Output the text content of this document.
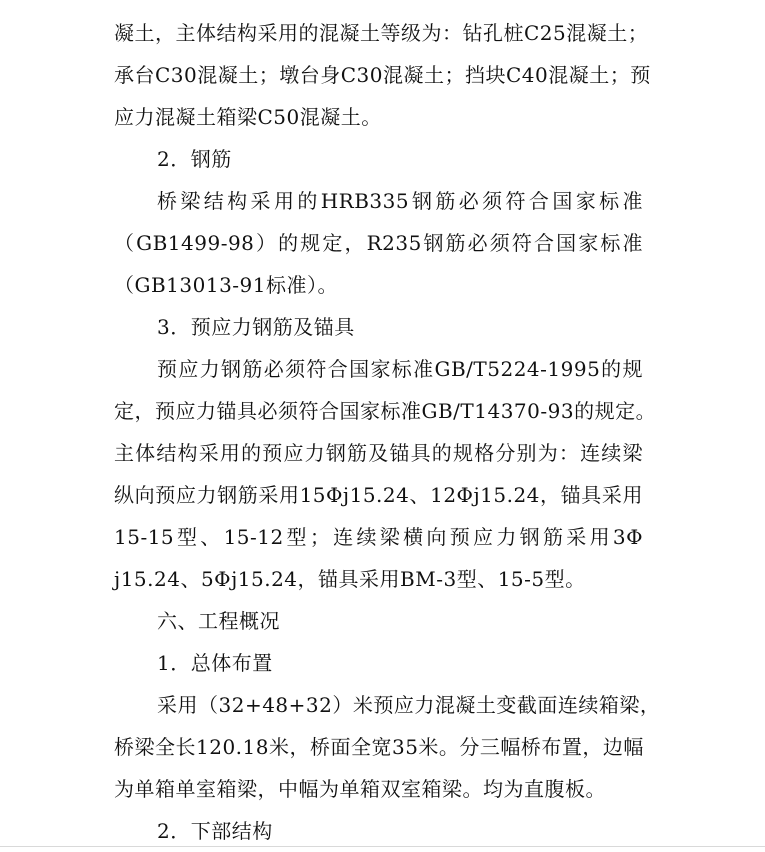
凝土，主体结构采用的混凝土等级为：钻孔桩C25混凝土；
承台C30混凝土；墩台身C30混凝土；挡块C40混凝土；预
应力混凝土箱梁C50混凝土。
2．钢筋
桥梁结构采用的HRB335钢筋必须符合国家标准
（GB1499-98）的规定，R235钢筋必须符合国家标准
（GB13013-91标准）。
3．预应力钢筋及锚具
预应力钢筋必须符合国家标准GB/T5224-1995的规
定，预应力锚具必须符合国家标准GB/T14370-93的规定。
主体结构采用的预应力钢筋及锚具的规格分别为：连续梁
纵向预应力钢筋采用15Φj15.24、12Φj15.24，锚具采用
15-15型、15-12型；连续梁横向预应力钢筋采用3Φ
j15.24、5Φj15.24，锚具采用BM-3型、15-5型。
六、工程概况
1．总体布置
采用（32+48+32）米预应力混凝土变截面连续箱梁，
桥梁全长120.18米，桥面全宽35米。分三幅桥布置，边幅
为单箱单室箱梁，中幅为单箱双室箱梁。均为直腹板。
2．下部结构
